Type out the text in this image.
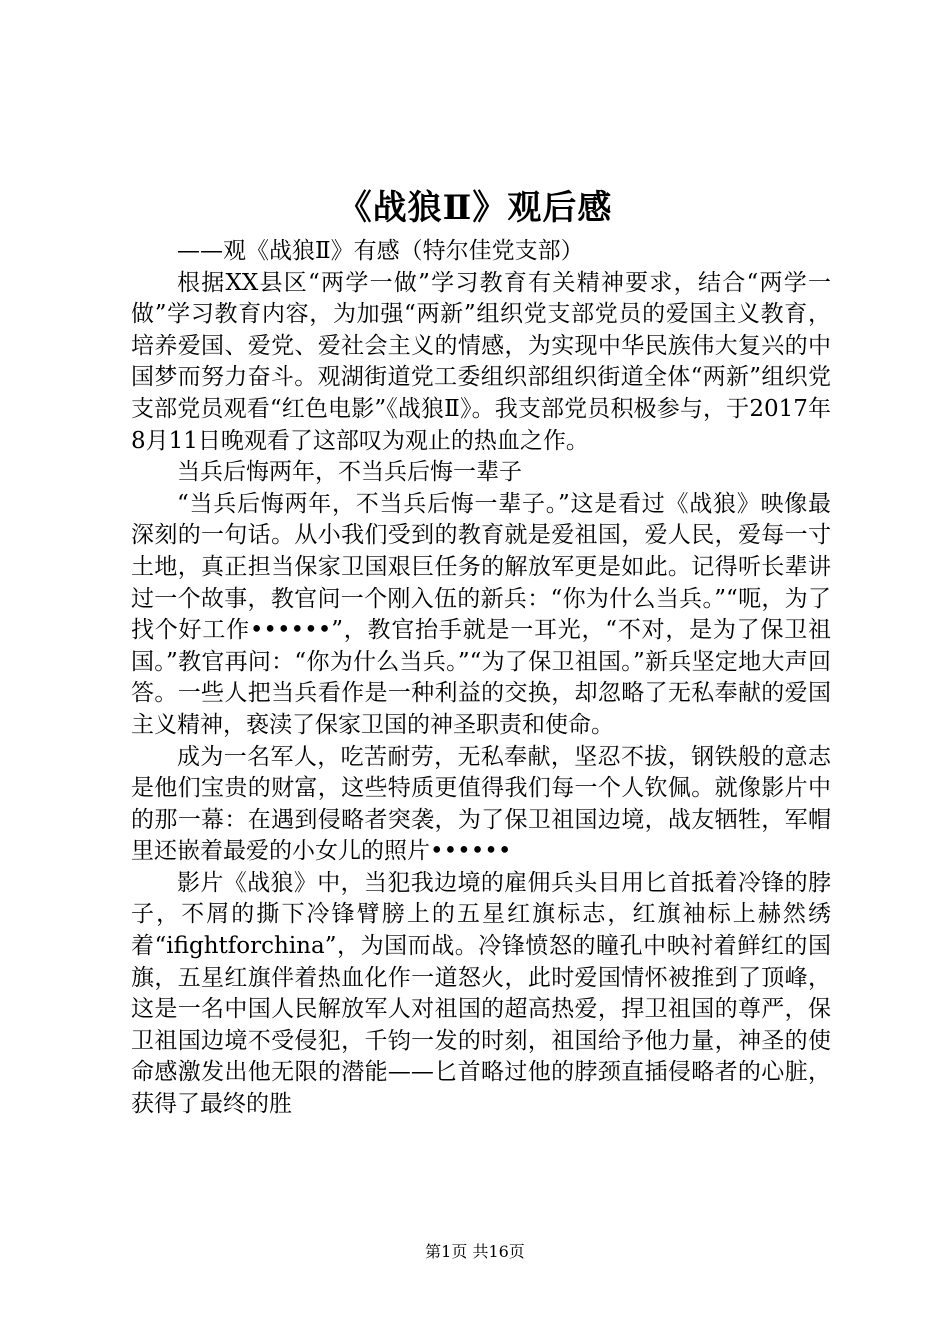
《战狼Ⅱ》观后感

——观《战狼Ⅱ》有感（特尔佳党支部）

根据XX县区“两学一做”学习教育有关精神要求，结合“两学一做”学习教育内容，为加强“两新”组织党支部党员的爱国主义教育，培养爱国、爱党、爱社会主义的情感，为实现中华民族伟大复兴的中国梦而努力奋斗。观湖街道党工委组织部组织街道全体“两新”组织党支部党员观看“红色电影”《战狼Ⅱ》。我支部党员积极参与，于2017年8月11日晚观看了这部叹为观止的热血之作。

当兵后悔两年，不当兵后悔一辈子

“当兵后悔两年，不当兵后悔一辈子。”这是看过《战狼》映像最深刻的一句话。从小我们受到的教育就是爱祖国，爱人民，爱每一寸土地，真正担当保家卫国艰巨任务的解放军更是如此。记得听长辈讲过一个故事，教官问一个刚入伍的新兵：“你为什么当兵。”“呃，为了找个好工作••••••”，教官抬手就是一耳光，“不对，是为了保卫祖国。”教官再问：“你为什么当兵。”“为了保卫祖国。”新兵坚定地大声回答。一些人把当兵看作是一种利益的交换，却忽略了无私奉献的爱国主义精神，亵渎了保家卫国的神圣职责和使命。

成为一名军人，吃苦耐劳，无私奉献，坚忍不拔，钢铁般的意志是他们宝贵的财富，这些特质更值得我们每一个人钦佩。就像影片中的那一幕：在遇到侵略者突袭，为了保卫祖国边境，战友牺牲，军帽里还嵌着最爱的小女儿的照片••••••

影片《战狼》中，当犯我边境的雇佣兵头目用匕首抵着冷锋的脖子，不屑的撕下冷锋臂膀上的五星红旗标志，红旗袖标上赫然绣着“ifightforchina”，为国而战。冷锋愤怒的瞳孔中映衬着鲜红的国旗，五星红旗伴着热血化作一道怒火，此时爱国情怀被推到了顶峰，这是一名中国人民解放军人对祖国的超高热爱，捍卫祖国的尊严，保卫祖国边境不受侵犯，千钧一发的时刻，祖国给予他力量，神圣的使命感激发出他无限的潜能——匕首略过他的脖颈直插侵略者的心脏，获得了最终的胜

第1页 共16页
